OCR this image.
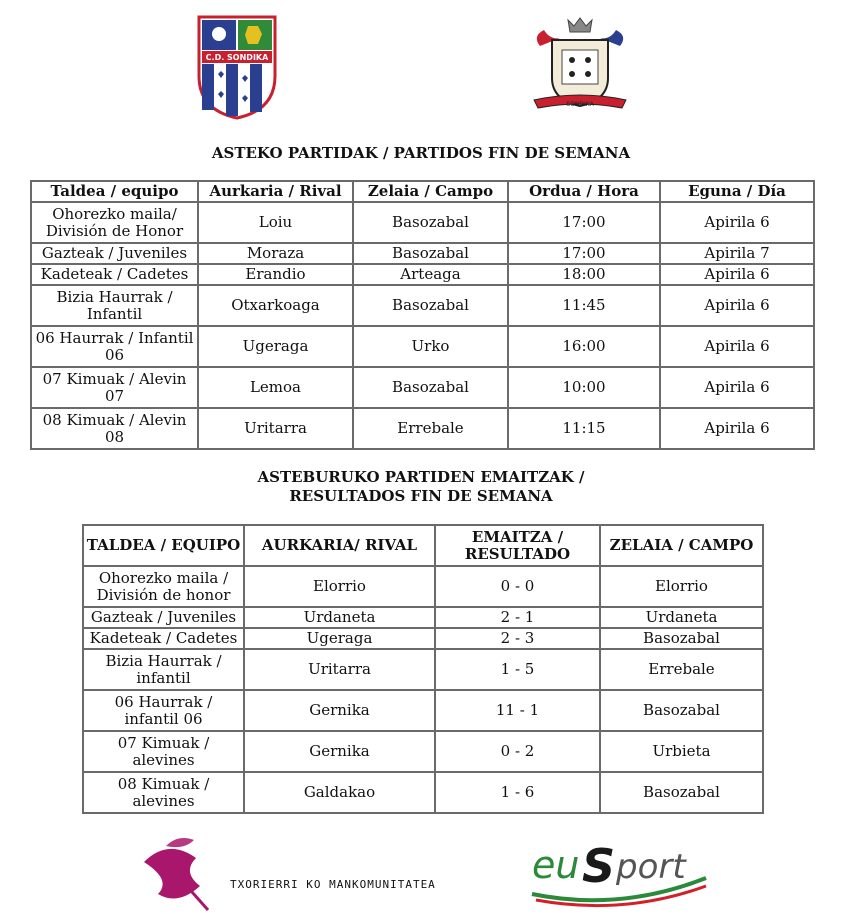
C.D. SONDIKA
SONDIKA
ASTEKO PARTIDAK / PARTIDOS FIN DE SEMANA
Taldea / equipo	Aurkaria / Rival	Zelaia / Campo	Ordua / Hora	Eguna / Día
Ohorezko maila/ División de Honor	Loiu	Basozabal	17:00	Apirila 6
Gazteak / Juveniles	Moraza	Basozabal	17:00	Apirila 7
Kadeteak / Cadetes	Erandio	Arteaga	18:00	Apirila 6
Bizia Haurrak / Infantil	Otxarkoaga	Basozabal	11:45	Apirila 6
06 Haurrak / Infantil 06	Ugeraga	Urko	16:00	Apirila 6
07 Kimuak / Alevin 07	Lemoa	Basozabal	10:00	Apirila 6
08 Kimuak / Alevin 08	Uritarra	Errebale	11:15	Apirila 6
ASTEBURUKO PARTIDEN EMAITZAK /
RESULTADOS FIN DE SEMANA
TALDEA / EQUIPO	AURKARIA/ RIVAL	EMAITZA / RESULTADO	ZELAIA / CAMPO
Ohorezko maila / División de honor	Elorrio	0 - 0	Elorrio
Gazteak / Juveniles	Urdaneta	2 - 1	Urdaneta
Kadeteak / Cadetes	Ugeraga	2 - 3	Basozabal
Bizia Haurrak / infantil	Uritarra	1 - 5	Errebale
06 Haurrak / infantil 06	Gernika	11 - 1	Basozabal
07 Kimuak / alevines	Gernika	0 - 2	Urbieta
08 Kimuak / alevines	Galdakao	1 - 6	Basozabal
TXORIERRI KO MANKOMUNITATEA	eu S port
